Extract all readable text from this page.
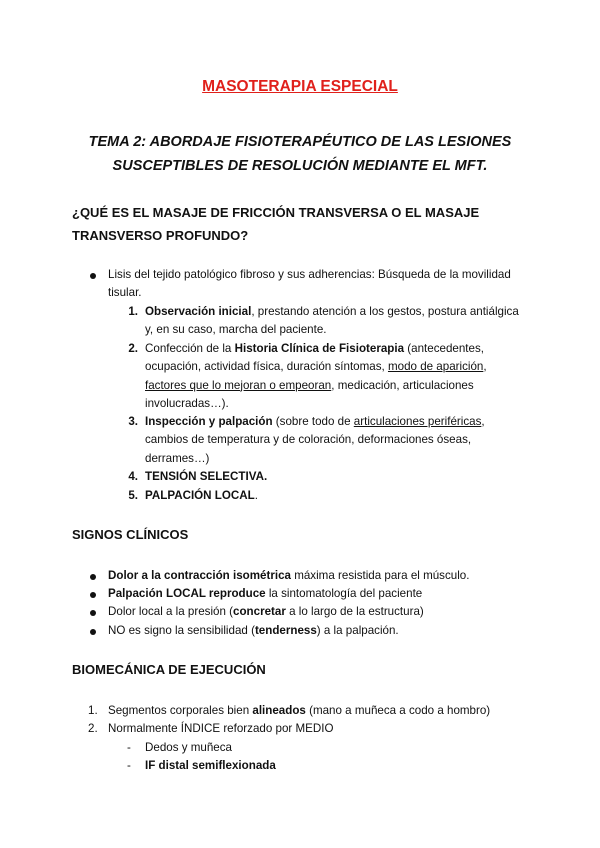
MASOTERAPIA ESPECIAL
TEMA 2: ABORDAJE FISIOTERAPÉUTICO DE LAS LESIONES
SUSCEPTIBLES DE RESOLUCIÓN MEDIANTE EL MFT.
¿QUÉ ES EL MASAJE DE FRICCIÓN TRANSVERSA O EL MASAJE
TRANSVERSO PROFUNDO?
Lisis del tejido patológico fibroso y sus adherencias: Búsqueda de la movilidad
tisular.
1. Observación inicial, prestando atención a los gestos, postura antiálgica
y, en su caso, marcha del paciente.
2. Confección de la Historia Clínica de Fisioterapia (antecedentes,
ocupación, actividad física, duración síntomas, modo de aparición,
factores que lo mejoran o empeoran, medicación, articulaciones
involucradas…).
3. Inspección y palpación (sobre todo de articulaciones periféricas,
cambios de temperatura y de coloración, deformaciones óseas,
derrames…)
4. TENSIÓN SELECTIVA.
5. PALPACIÓN LOCAL.
SIGNOS CLÍNICOS
Dolor a la contracción isométrica máxima resistida para el músculo.
Palpación LOCAL reproduce la sintomatología del paciente
Dolor local a la presión (concretar a lo largo de la estructura)
NO es signo la sensibilidad (tenderness) a la palpación.
BIOMECÁNICA DE EJECUCIÓN
1. Segmentos corporales bien alineados (mano a muñeca a codo a hombro)
2. Normalmente ÍNDICE reforzado por MEDIO
- Dedos y muñeca
- IF distal semiflexionada
